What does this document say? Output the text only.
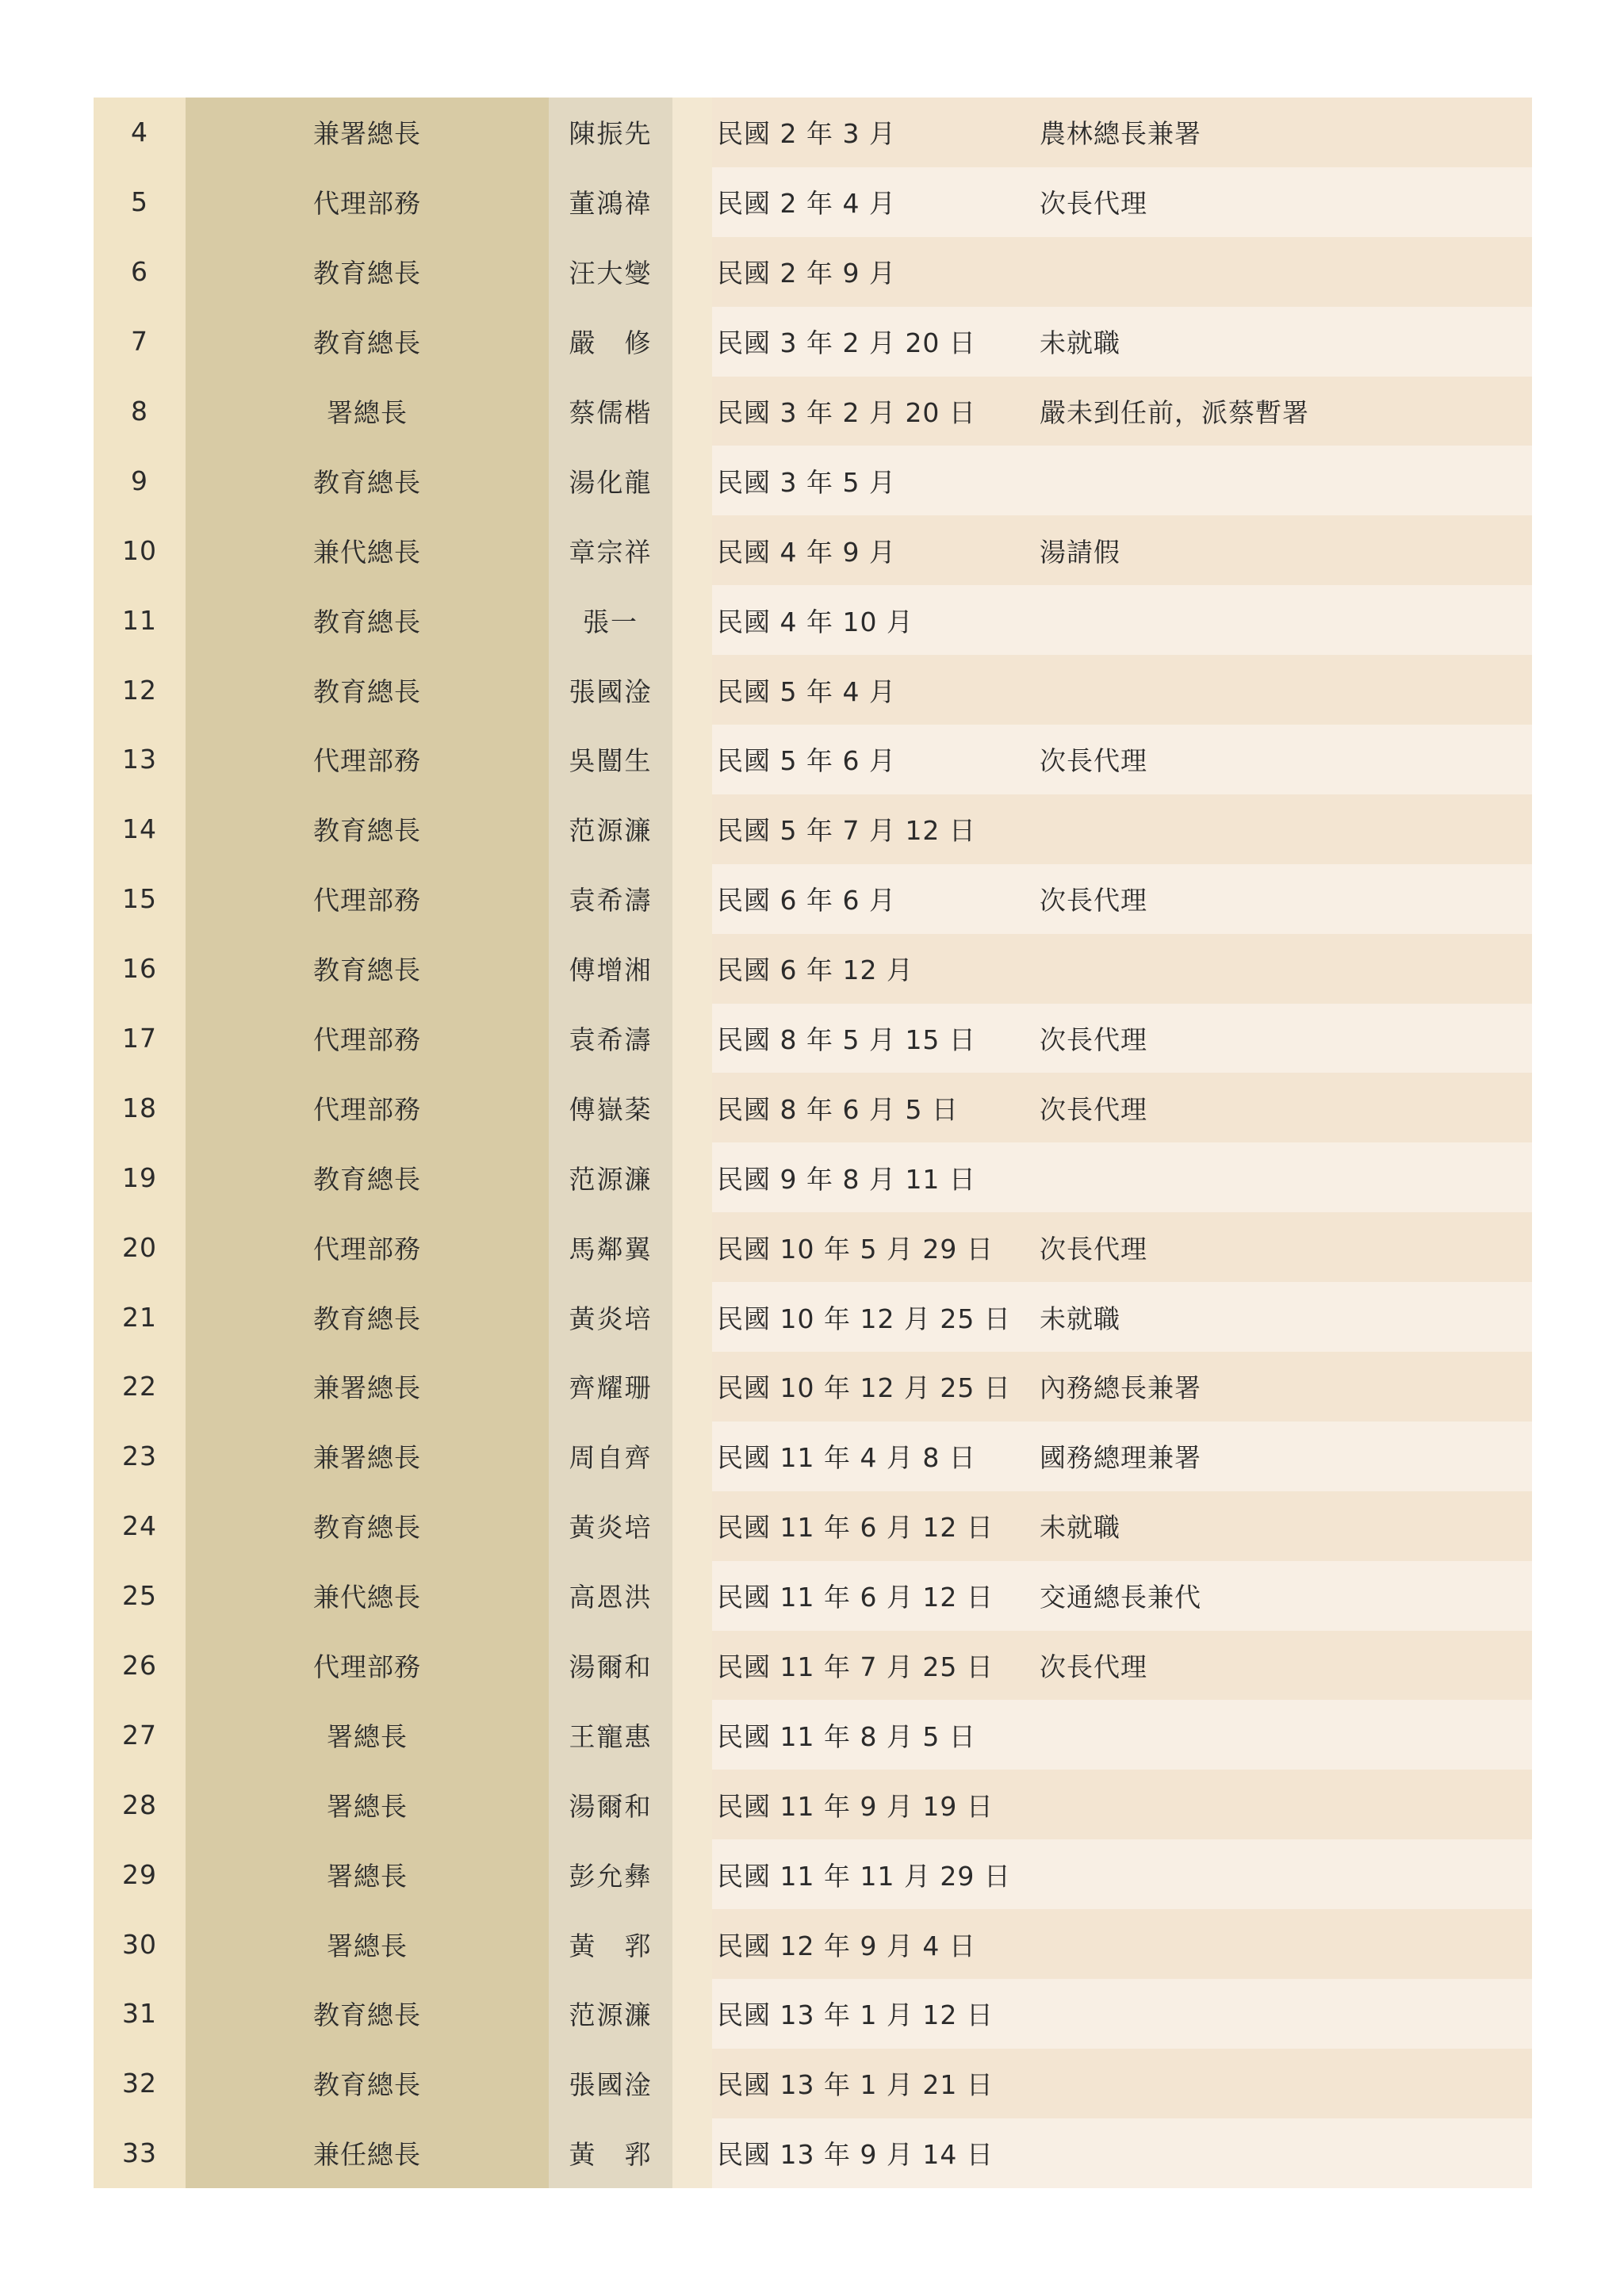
4	兼署總長	陳振先	民國 2 年 3 月	農林總長兼署
5	代理部務	董鴻禕	民國 2 年 4 月	次長代理
6	教育總長	汪大燮	民國 2 年 9 月
7	教育總長	嚴　修	民國 3 年 2 月 20 日	未就職
8	署總長	蔡儒楷	民國 3 年 2 月 20 日	嚴未到任前，派蔡暫署
9	教育總長	湯化龍	民國 3 年 5 月
10	兼代總長	章宗祥	民國 4 年 9 月	湯請假
11	教育總長	張一	民國 4 年 10 月
12	教育總長	張國淦	民國 5 年 4 月
13	代理部務	吳闓生	民國 5 年 6 月	次長代理
14	教育總長	范源濂	民國 5 年 7 月 12 日
15	代理部務	袁希濤	民國 6 年 6 月	次長代理
16	教育總長	傅增湘	民國 6 年 12 月
17	代理部務	袁希濤	民國 8 年 5 月 15 日	次長代理
18	代理部務	傅嶽棻	民國 8 年 6 月 5 日	次長代理
19	教育總長	范源濂	民國 9 年 8 月 11 日
20	代理部務	馬鄰翼	民國 10 年 5 月 29 日	次長代理
21	教育總長	黃炎培	民國 10 年 12 月 25 日	未就職
22	兼署總長	齊耀珊	民國 10 年 12 月 25 日	內務總長兼署
23	兼署總長	周自齊	民國 11 年 4 月 8 日	國務總理兼署
24	教育總長	黃炎培	民國 11 年 6 月 12 日	未就職
25	兼代總長	高恩洪	民國 11 年 6 月 12 日	交通總長兼代
26	代理部務	湯爾和	民國 11 年 7 月 25 日	次長代理
27	署總長	王寵惠	民國 11 年 8 月 5 日
28	署總長	湯爾和	民國 11 年 9 月 19 日
29	署總長	彭允彝	民國 11 年 11 月 29 日
30	署總長	黃　郛	民國 12 年 9 月 4 日
31	教育總長	范源濂	民國 13 年 1 月 12 日
32	教育總長	張國淦	民國 13 年 1 月 21 日
33	兼任總長	黃　郛	民國 13 年 9 月 14 日
